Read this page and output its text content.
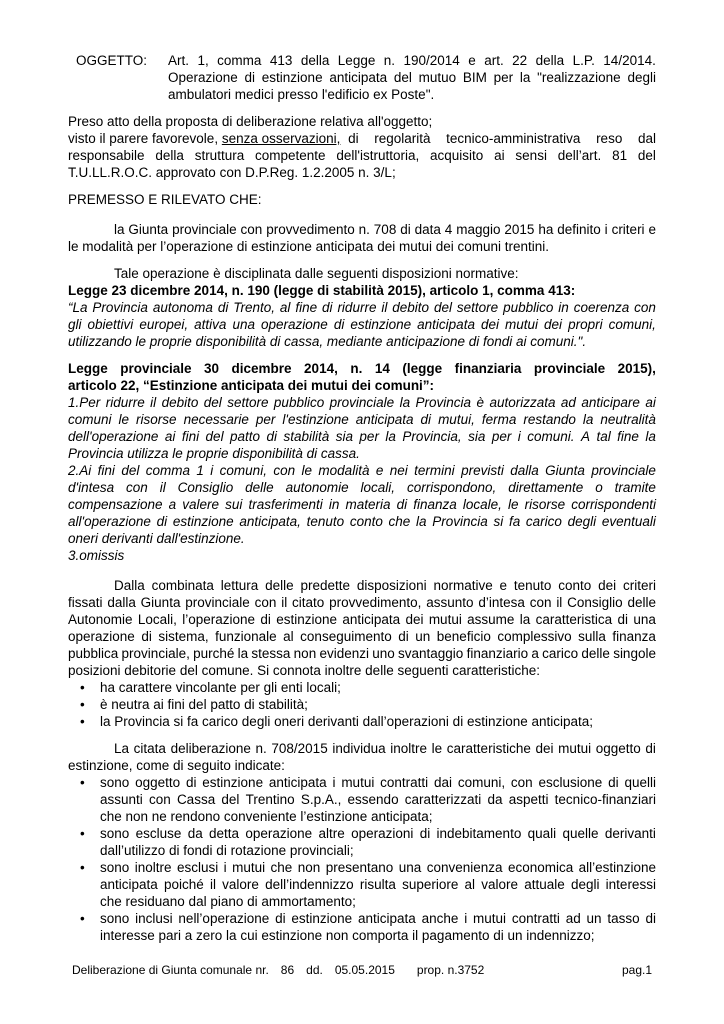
OGGETTO:	Art. 1, comma 413 della Legge n. 190/2014 e art. 22 della L.P. 14/2014.
Operazione di estinzione anticipata del mutuo BIM per la "realizzazione degli
ambulatori medici presso l'edificio ex Poste".
Preso atto della proposta di deliberazione relativa all'oggetto;
visto il parere favorevole, senza osservazioni, di regolarità tecnico-amministrativa reso dal
responsabile della struttura competente dell'istruttoria, acquisito ai sensi dell’art. 81 del
T.U.LL.R.O.C. approvato con D.P.Reg. 1.2.2005 n. 3/L;
PREMESSO E RILEVATO CHE:
la Giunta provinciale con provvedimento n. 708 di data 4 maggio 2015 ha definito i criteri e
le modalità per l’operazione di estinzione anticipata dei mutui dei comuni trentini.
Tale operazione è disciplinata dalle seguenti disposizioni normative:
Legge 23 dicembre 2014, n. 190 (legge di stabilità 2015), articolo 1, comma 413:
“La Provincia autonoma di Trento, al fine di ridurre il debito del settore pubblico in coerenza con
gli obiettivi europei, attiva una operazione di estinzione anticipata dei mutui dei propri comuni,
utilizzando le proprie disponibilità di cassa, mediante anticipazione di fondi ai comuni.".
Legge provinciale 30 dicembre 2014, n. 14 (legge finanziaria provinciale 2015),
articolo 22, “Estinzione anticipata dei mutui dei comuni”:
1.Per ridurre il debito del settore pubblico provinciale la Provincia è autorizzata ad anticipare ai
comuni le risorse necessarie per l'estinzione anticipata di mutui, ferma restando la neutralità
dell'operazione ai fini del patto di stabilità sia per la Provincia, sia per i comuni. A tal fine la
Provincia utilizza le proprie disponibilità di cassa.
2.Ai fini del comma 1 i comuni, con le modalità e nei termini previsti dalla Giunta provinciale
d'intesa con il Consiglio delle autonomie locali, corrispondono, direttamente o tramite
compensazione a valere sui trasferimenti in materia di finanza locale, le risorse corrispondenti
all'operazione di estinzione anticipata, tenuto conto che la Provincia si fa carico degli eventuali
oneri derivanti dall'estinzione.
3.omissis
Dalla combinata lettura delle predette disposizioni normative e tenuto conto dei criteri
fissati dalla Giunta provinciale con il citato provvedimento, assunto d’intesa con il Consiglio delle
Autonomie Locali, l’operazione di estinzione anticipata dei mutui assume la caratteristica di una
operazione di sistema, funzionale al conseguimento di un beneficio complessivo sulla finanza
pubblica provinciale, purché la stessa non evidenzi uno svantaggio finanziario a carico delle singole
posizioni debitorie del comune. Si connota inoltre delle seguenti caratteristiche:
• ha carattere vincolante per gli enti locali;
• è neutra ai fini del patto di stabilità;
• la Provincia si fa carico degli oneri derivanti dall’operazioni di estinzione anticipata;
La citata deliberazione n. 708/2015 individua inoltre le caratteristiche dei mutui oggetto di
estinzione, come di seguito indicate:
• sono oggetto di estinzione anticipata i mutui contratti dai comuni, con esclusione di quelli
assunti con Cassa del Trentino S.p.A., essendo caratterizzati da aspetti tecnico-finanziari
che non ne rendono conveniente l’estinzione anticipata;
• sono escluse da detta operazione altre operazioni di indebitamento quali quelle derivanti
dall’utilizzo di fondi di rotazione provinciali;
• sono inoltre esclusi i mutui che non presentano una convenienza economica all’estinzione
anticipata poiché il valore dell’indennizzo risulta superiore al valore attuale degli interessi
che residuano dal piano di ammortamento;
• sono inclusi nell’operazione di estinzione anticipata anche i mutui contratti ad un tasso di
interesse pari a zero la cui estinzione non comporta il pagamento di un indennizzo;
Deliberazione di Giunta comunale nr. 86 dd. 05.05.2015 prop. n.3752	pag.1
